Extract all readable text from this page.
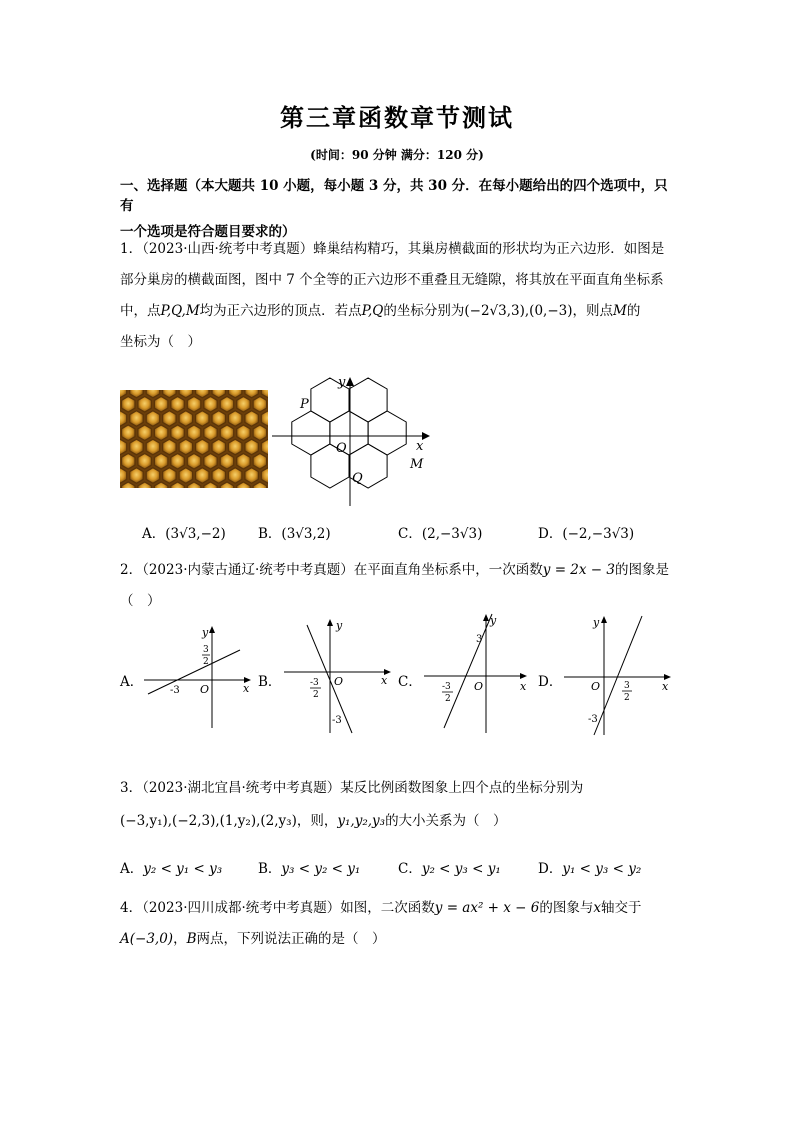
第三章函数章节测试
(时间：90 分钟 满分：120 分)
一、选择题（本大题共 10 小题，每小题 3 分，共 30 分．在每小题给出的四个选项中，只有
一个选项是符合题目要求的）
1．（2023·山西·统考中考真题）蜂巢结构精巧，其巢房横截面的形状均为正六边形．如图是
部分巢房的横截面图，图中 7 个全等的正六边形不重叠且无缝隙，将其放在平面直角坐标系
中，点P,Q,M均为正六边形的顶点．若点P,Q的坐标分别为(−2√3,3),(0,−3)，则点M的
坐标为（　）
y
x
P
O
Q
M
A．(3√3,−2) B．(3√3,2)	C．(2,−3√3)	D．(−2,−3√3)
2．（2023·内蒙古通辽·统考中考真题）在平面直角坐标系中，一次函数y = 2x − 3的图象是
（　）
A．	B．	C．	D．
y
x
O
-3
3
2
y
x
O
-3
2
-3
y
x
O
3
-3
2
y
x
O	3
2
-3
3．（2023·湖北宜昌·统考中考真题）某反比例函数图象上四个点的坐标分别为
(−3,y₁),(−2,3),(1,y₂),(2,y₃)，则，y₁,y₂,y₃的大小关系为（　）
A．y₂ < y₁ < y₃	B．y₃ < y₂ < y₁	C．y₂ < y₃ < y₁	D．y₁ < y₃ < y₂
4．（2023·四川成都·统考中考真题）如图，二次函数y = ax² + x − 6的图象与x轴交于
A(−3,0)，B两点，下列说法正确的是（　）
